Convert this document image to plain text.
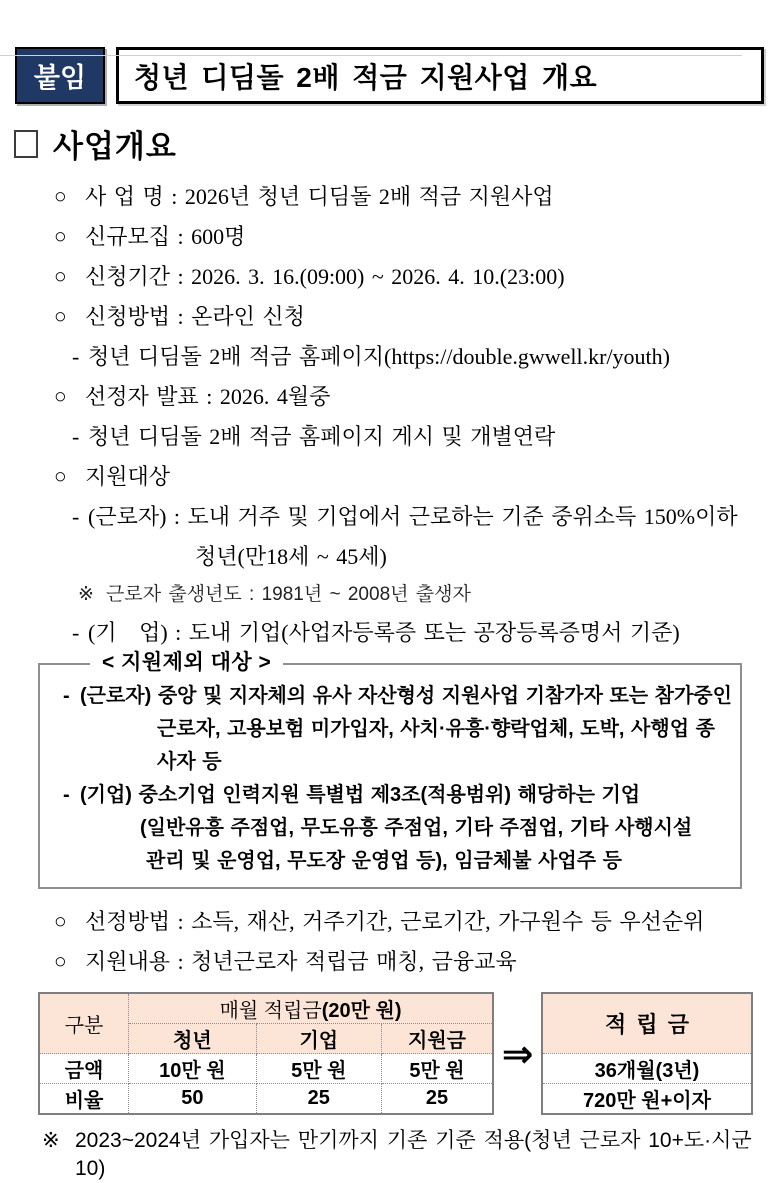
붙임	청년 디딤돌 2배 적금 지원사업 개요
사업개요

○ 사 업 명 : 2026년 청년 디딤돌 2배 적금 지원사업

○ 신규모집 : 600명

○ 신청기간 : 2026. 3. 16.(09:00) ~ 2026. 4. 10.(23:00)

○ 신청방법 : 온라인 신청

- 청년 디딤돌 2배 적금 홈페이지(https://double.gwwell.kr/youth)

○ 선정자 발표 : 2026. 4월중

- 청년 디딤돌 2배 적금 홈페이지 게시 및 개별연락

○ 지원대상

- (근로자) : 도내 거주 및 기업에서 근로하는 기준 중위소득 150%이하

청년(만18세 ~ 45세)

※ 근로자 출생년도 : 1981년 ~ 2008년 출생자

- (기   업) : 도내 기업(사업자등록증 또는 공장등록증명서 기준)

< 지원제외 대상 >

- (근로자) 중앙 및 지자체의 유사 자산형성 지원사업 기참가자 또는 참가중인

근로자, 고용보험 미가입자, 사치·유흥·향락업체, 도박, 사행업 종사자 등

- (기업) 중소기업 인력지원 특별법 제3조(적용범위) 해당하는 기업

(일반유흥 주점업, 무도유흥 주점업, 기타 주점업, 기타 사행시설

관리 및 운영업, 무도장 운영업 등), 임금체불 사업주 등

○ 선정방법 : 소득, 재산, 거주기간, 근로기간, 가구원수 등 우선순위

○ 지원내용 : 청년근로자 적립금 매칭, 금융교육

구분	매월 적립금(20만 원)		
	청년	기업	지원금
금액	10만 원	5만 원	5만 원
비율	50	25	25
⇒
적 립 금
36개월(3년)
720만 원+이자

※ 2023~2024년 가입자는 만기까지 기존 기준 적용(청년 근로자 10+도·시군 10)
